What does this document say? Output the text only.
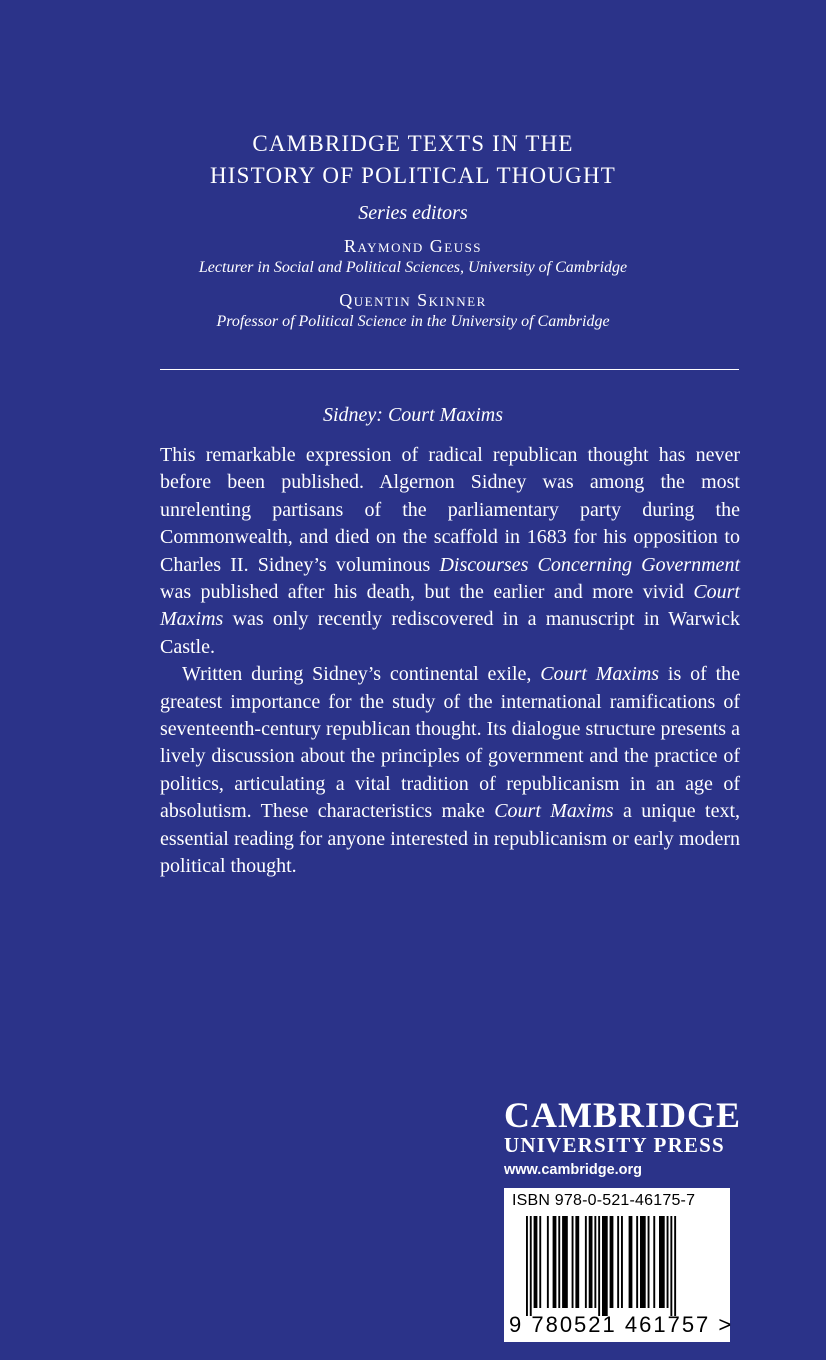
CAMBRIDGE TEXTS IN THE
HISTORY OF POLITICAL THOUGHT
Series editors
Raymond Geuss
Lecturer in Social and Political Sciences, University of Cambridge
Quentin Skinner
Professor of Political Science in the University of Cambridge
Sidney: Court Maxims

This remarkable expression of radical republican thought has never before been published. Algernon Sidney was among the most unrelenting partisans of the parliamentary party during the Commonwealth, and died on the scaffold in 1683 for his opposition to Charles II. Sidney’s voluminous Discourses Concerning Government was published after his death, but the earlier and more vivid Court Maxims was only recently rediscovered in a manuscript in Warwick Castle.

Written during Sidney’s continental exile, Court Maxims is of the greatest importance for the study of the international ramifications of seventeenth-century republican thought. Its dialogue structure presents a lively discussion about the principles of government and the practice of politics, articulating a vital tradition of republicanism in an age of absolutism. These characteristics make Court Maxims a unique text, essential reading for anyone interested in republicanism or early modern political thought.

CAMBRIDGE
UNIVERSITY PRESS
www.cambridge.org
ISBN 978-0-521-46175-7
9 780521 461757 >
